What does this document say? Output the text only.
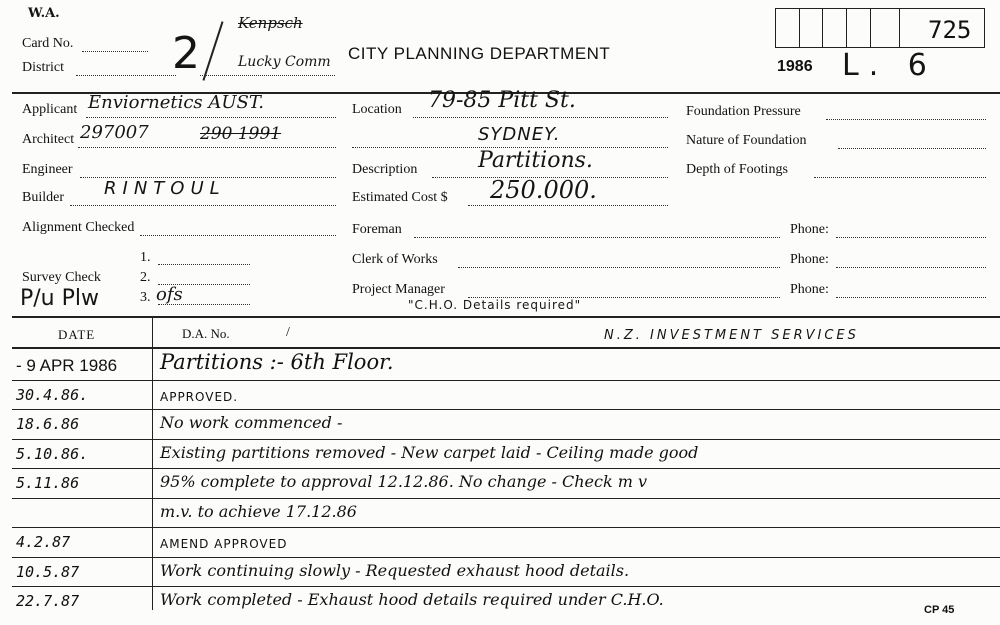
W.A.
Card No.
District 2
Kenpsch
Lucky Comm CITY PLANNING DEPARTMENT
725
1986 L. 6
Applicant Enviornetics AUST.
Architect 297007	290 1991
Engineer
Builder RINTOUL
Alignment Checked
1.
Survey Check	2.
P/u Plw	3. ofs
Location 79-85 Pitt St.
SYDNEY.
Description	Partitions.
Estimated Cost $ 250.000.
Foreman
Clerk of Works
Project Manager
"C.H.O. Details required"
Foundation Pressure
Nature of Foundation
Depth of Footings
Phone:
Phone:
Phone:
DATE	D.A. No.	/	N.Z. INVESTMENT SERVICES
- 9 APR 1986 Partitions :- 6th Floor.
30.4.86.	APPROVED.
18.6.86	No work commenced -
5.10.86.	Existing partitions removed - New carpet laid - Ceiling made good
5.11.86	95% complete to approval 12.12.86. No change - Check m v
m.v. to achieve 17.12.86
4.2.87	AMEND APPROVED
10.5.87	Work continuing slowly - Requested exhaust hood details.
22.7.87	Work completed - Exhaust hood details required under C.H.O.
CP 45
